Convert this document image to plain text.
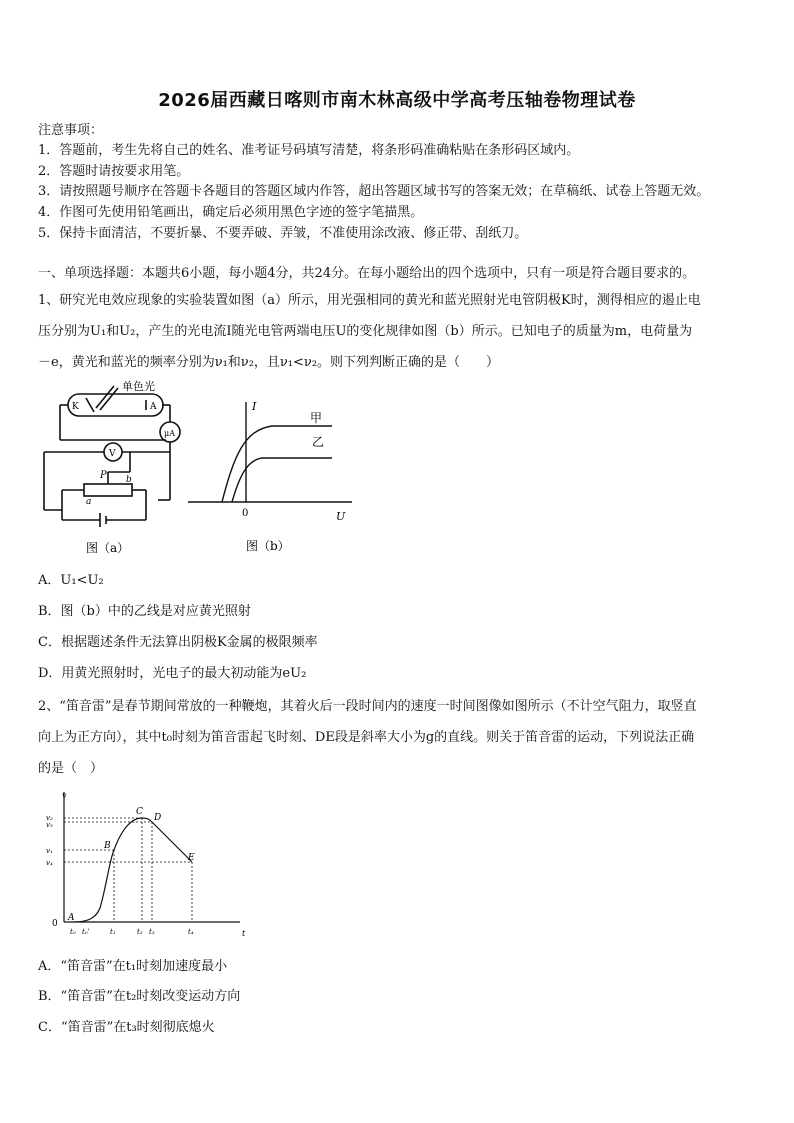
2026届西藏日喀则市南木林高级中学高考压轴卷物理试卷
注意事项：
1．答题前，考生先将自己的姓名、准考证号码填写清楚，将条形码准确粘贴在条形码区域内。
2．答题时请按要求用笔。
3．请按照题号顺序在答题卡各题目的答题区域内作答，超出答题区域书写的答案无效；在草稿纸、试卷上答题无效。
4．作图可先使用铅笔画出，确定后必须用黑色字迹的签字笔描黑。
5．保持卡面清洁，不要折暴、不要弄破、弄皱，不准使用涂改液、修正带、刮纸刀。
一、单项选择题：本题共6小题，每小题4分，共24分。在每小题给出的四个选项中，只有一项是符合题目要求的。
1、研究光电效应现象的实验装置如图（a）所示，用光强相同的黄光和蓝光照射光电管阴极K时，测得相应的遏止电
压分别为U₁和U₂，产生的光电流I随光电管两端电压U的变化规律如图（b）所示。已知电子的质量为m，电荷量为
－e，黄光和蓝光的频率分别为ν₁和ν₂，且ν₁<ν₂。则下列判断正确的是（　　）
单色光
K	A
μA
V
P
a
b
图（a）
I
U
0
甲
乙
图（b）
A．U₁<U₂
B．图（b）中的乙线是对应黄光照射
C．根据题述条件无法算出阴极K金属的极限频率
D．用黄光照射时，光电子的最大初动能为eU₂
2、“笛音雷”是春节期间常放的一种鞭炮，其着火后一段时间内的速度一时间图像如图所示（不计空气阻力，取竖直
向上为正方向），其中t₀时刻为笛音雷起飞时刻、DE段是斜率大小为g的直线。则关于笛音雷的运动，下列说法正确
的是（　）
v
t
0
A
B
C
D
E
v₂
v₃
v₁
v₄
t₀ t₀'	t₁	t₂ t₃	t₄
A．“笛音雷”在t₁时刻加速度最小
B．“笛音雷”在t₂时刻改变运动方向
C．“笛音雷”在t₃时刻彻底熄火
